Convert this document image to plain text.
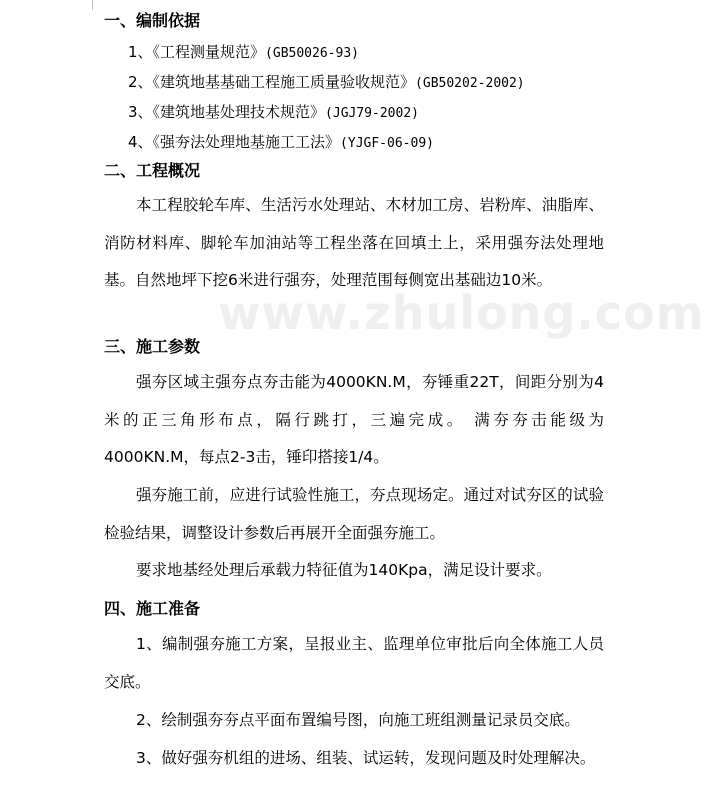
www.zhulong.com
一、编制依据
1、《工程测量规范》(GB50026-93)
2、《建筑地基基础工程施工质量验收规范》(GB50202-2002)
3、《建筑地基处理技术规范》(JGJ79-2002)
4、《强夯法处理地基施工工法》(YJGF-06-09)
二、工程概况

本工程胶轮车库、生活污水处理站、木材加工房、岩粉库、油脂库、消防材料库、脚轮车加油站等工程坐落在回填土上，采用强夯法处理地基。自然地坪下挖6米进行强夯，处理范围每侧宽出基础边10米。

三、施工参数

强夯区域主强夯点夯击能为4000KN.M，夯锤重22T，间距分别为4米的正三角形布点，隔行跳打，三遍完成。 满夯夯击能级为4000KN.M，每点2-3击，锤印搭接1/4。

强夯施工前，应进行试验性施工，夯点现场定。通过对试夯区的试验检验结果，调整设计参数后再展开全面强夯施工。

要求地基经处理后承载力特征值为140Kpa，满足设计要求。

四、施工准备

1、编制强夯施工方案，呈报业主、监理单位审批后向全体施工人员交底。

2、绘制强夯夯点平面布置编号图，向施工班组测量记录员交底。

3、做好强夯机组的进场、组装、试运转，发现问题及时处理解决。
